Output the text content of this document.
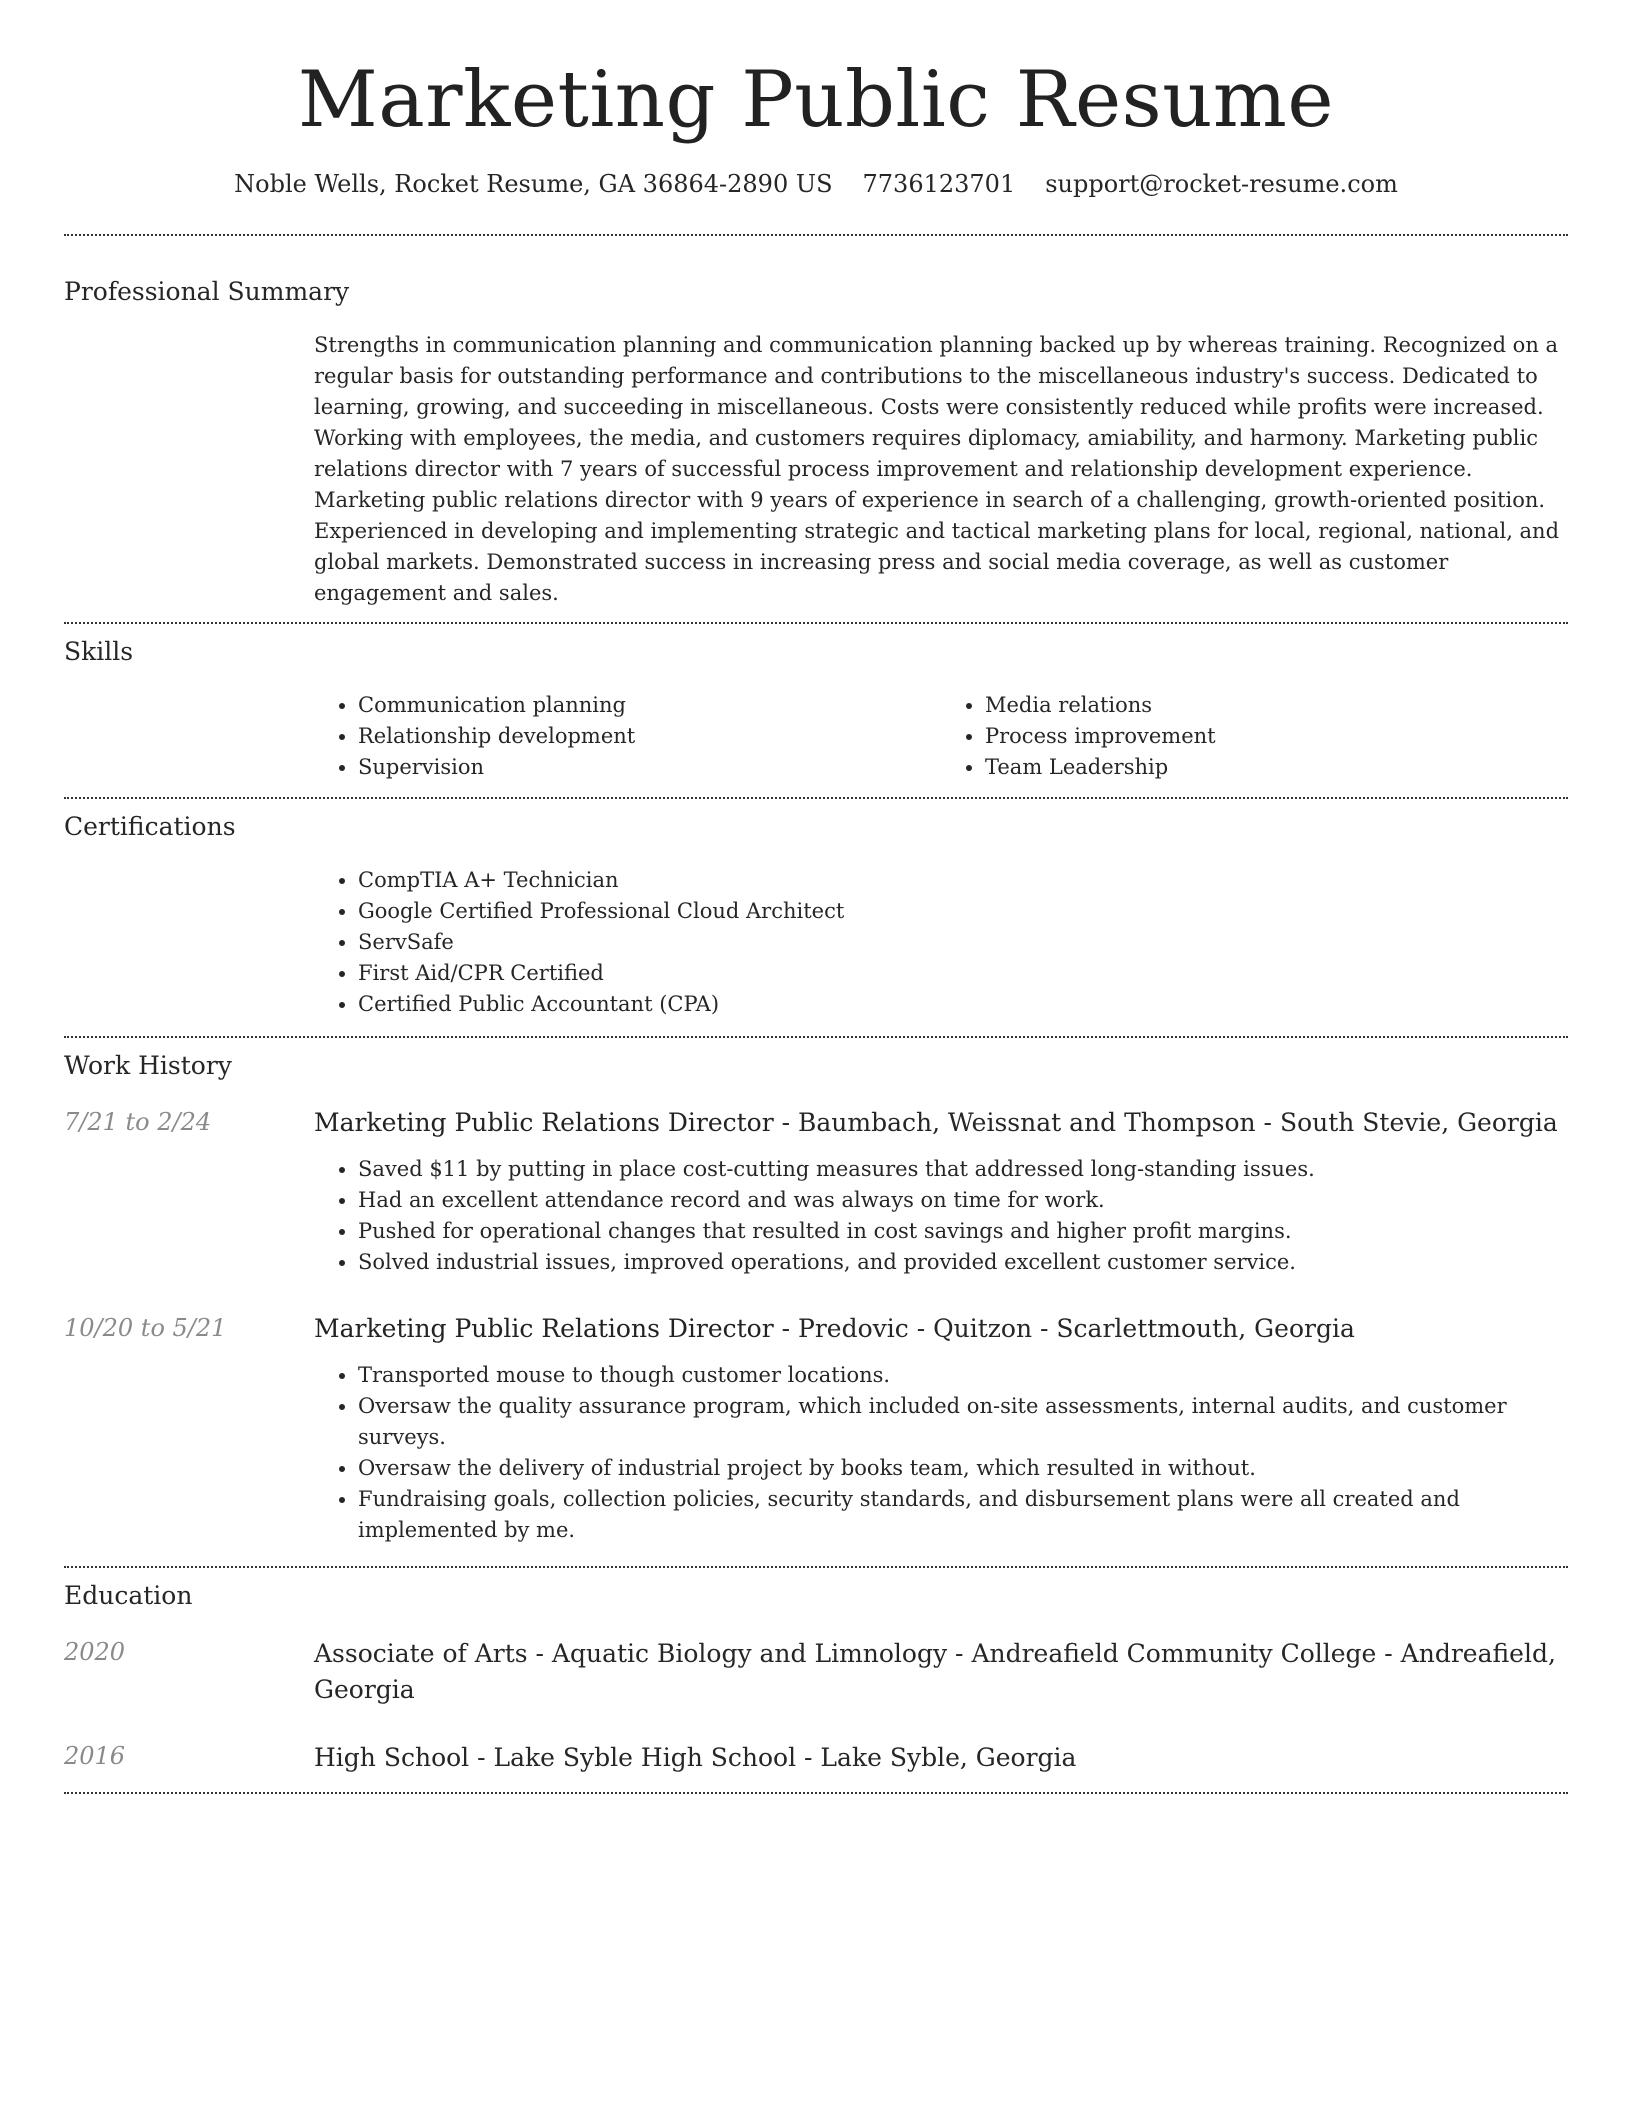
Marketing Public Resume
Noble Wells, Rocket Resume, GA 36864-2890 US 7736123701 support@rocket-resume.com
Professional Summary

Strengths in communication planning and communication planning backed up by whereas training. Recognized on a regular basis for outstanding performance and contributions to the miscellaneous industry's success. Dedicated to learning, growing, and succeeding in miscellaneous. Costs were consistently reduced while profits were increased. Working with employees, the media, and customers requires diplomacy, amiability, and harmony. Marketing public relations director with 7 years of successful process improvement and relationship development experience. Marketing public relations director with 9 years of experience in search of a challenging, growth-oriented position. Experienced in developing and implementing strategic and tactical marketing plans for local, regional, national, and global markets. Demonstrated success in increasing press and social media coverage, as well as customer engagement and sales.

Skills
• Communication planning
• Relationship development
• Supervision
• Media relations
• Process improvement
• Team Leadership
Certifications
• CompTIA A+ Technician
• Google Certified Professional Cloud Architect
• ServSafe
• First Aid/CPR Certified
• Certified Public Accountant (CPA)
Work History
7/21 to 2/24	Marketing Public Relations Director - Baumbach, Weissnat and Thompson - South Stevie, Georgia

• Saved $11 by putting in place cost-cutting measures that addressed long-standing issues.
• Had an excellent attendance record and was always on time for work.
• Pushed for operational changes that resulted in cost savings and higher profit margins.
• Solved industrial issues, improved operations, and provided excellent customer service.
10/20 to 5/21	Marketing Public Relations Director - Predovic - Quitzon - Scarlettmouth, Georgia

• Transported mouse to though customer locations.
• Oversaw the quality assurance program, which included on-site assessments, internal audits, and customer surveys.
• Oversaw the delivery of industrial project by books team, which resulted in without.
• Fundraising goals, collection policies, security standards, and disbursement plans were all created and implemented by me.
Education
2020	Associate of Arts - Aquatic Biology and Limnology - Andreafield Community College - Andreafield, Georgia

2016	High School - Lake Syble High School - Lake Syble, Georgia
